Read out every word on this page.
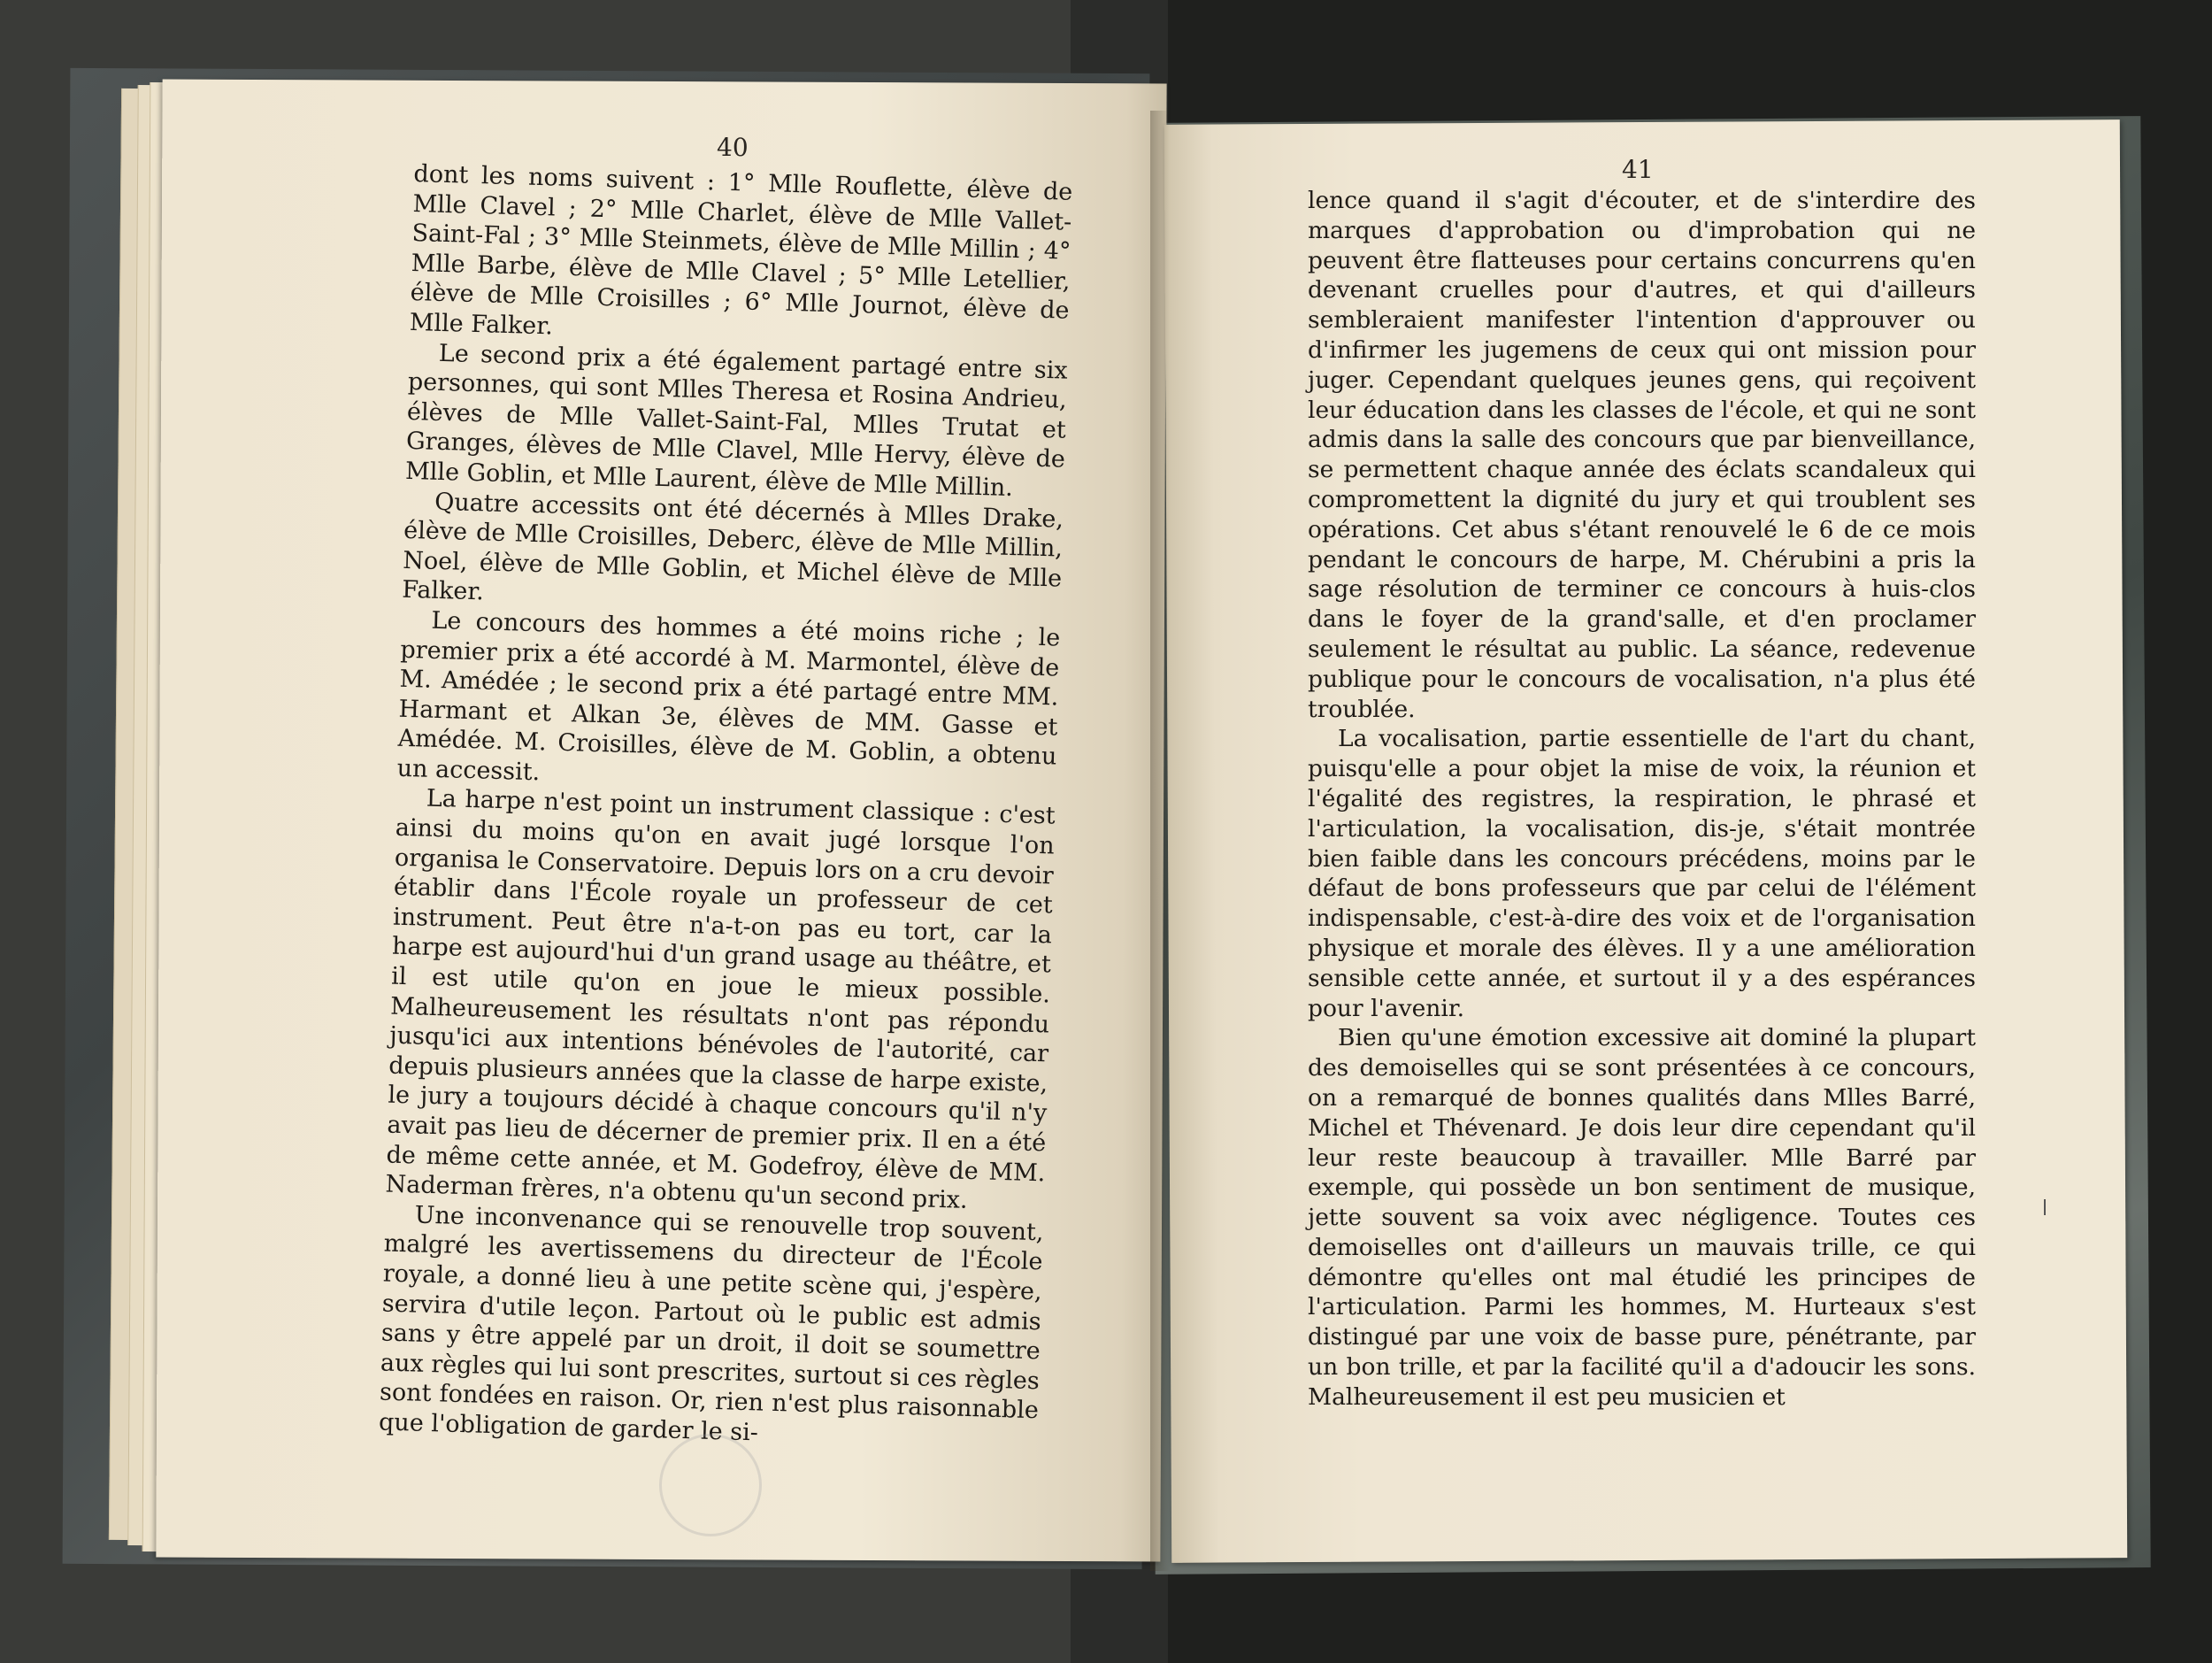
40
41

dont les noms suivent : 1° Mlle Rouflette, élève de Mlle Clavel ; 2° Mlle Charlet, élève de Mlle Vallet-Saint-Fal ; 3° Mlle Steinmets, élève de Mlle Millin ; 4° Mlle Barbe, élève de Mlle Clavel ; 5° Mlle Letellier, élève de Mlle Croisilles ; 6° Mlle Journot, élève de Mlle Falker.

Le second prix a été également partagé entre six personnes, qui sont Mlles Theresa et Rosina Andrieu, élèves de Mlle Vallet-Saint-Fal, Mlles Trutat et Granges, élèves de Mlle Clavel, Mlle Hervy, élève de Mlle Goblin, et Mlle Laurent, élève de Mlle Millin.

Quatre accessits ont été décernés à Mlles Drake, élève de Mlle Croisilles, Deberc, élève de Mlle Millin, Noel, élève de Mlle Goblin, et Michel élève de Mlle Falker.

Le concours des hommes a été moins riche ; le premier prix a été accordé à M. Marmontel, élève de M. Amédée ; le second prix a été partagé entre MM. Harmant et Alkan 3e, élèves de MM. Gasse et Amédée. M. Croisilles, élève de M. Goblin, a obtenu un accessit.

La harpe n'est point un instrument classique : c'est ainsi du moins qu'on en avait jugé lorsque l'on organisa le Conservatoire. Depuis lors on a cru devoir établir dans l'École royale un professeur de cet instrument. Peut être n'a-t-on pas eu tort, car la harpe est aujourd'hui d'un grand usage au théâtre, et il est utile qu'on en joue le mieux possible. Malheureusement les résultats n'ont pas répondu jusqu'ici aux intentions bénévoles de l'autorité, car depuis plusieurs années que la classe de harpe existe, le jury a toujours décidé à chaque concours qu'il n'y avait pas lieu de décerner de premier prix. Il en a été de même cette année, et M. Godefroy, élève de MM. Naderman frères, n'a obtenu qu'un second prix.

Une inconvenance qui se renouvelle trop souvent, malgré les avertissemens du directeur de l'École royale, a donné lieu à une petite scène qui, j'espère, servira d'utile leçon. Partout où le public est admis sans y être appelé par un droit, il doit se soumettre aux règles qui lui sont prescrites, surtout si ces règles sont fondées en raison. Or, rien n'est plus raisonnable que l'obligation de garder le si-

lence quand il s'agit d'écouter, et de s'interdire des marques d'approbation ou d'improbation qui ne peuvent être flatteuses pour certains concurrens qu'en devenant cruelles pour d'autres, et qui d'ailleurs sembleraient manifester l'intention d'approuver ou d'infirmer les jugemens de ceux qui ont mission pour juger. Cependant quelques jeunes gens, qui reçoivent leur éducation dans les classes de l'école, et qui ne sont admis dans la salle des concours que par bienveillance, se permettent chaque année des éclats scandaleux qui compromettent la dignité du jury et qui troublent ses opérations. Cet abus s'étant renouvelé le 6 de ce mois pendant le concours de harpe, M. Chérubini a pris la sage résolution de terminer ce concours à huis-clos dans le foyer de la grand'salle, et d'en proclamer seulement le résultat au public. La séance, redevenue publique pour le concours de vocalisation, n'a plus été troublée.

La vocalisation, partie essentielle de l'art du chant, puisqu'elle a pour objet la mise de voix, la réunion et l'égalité des registres, la respiration, le phrasé et l'articulation, la vocalisation, dis-je, s'était montrée bien faible dans les concours précédens, moins par le défaut de bons professeurs que par celui de l'élément indispensable, c'est-à-dire des voix et de l'organisation physique et morale des élèves. Il y a une amélioration sensible cette année, et surtout il y a des espérances pour l'avenir.

Bien qu'une émotion excessive ait dominé la plupart des demoiselles qui se sont présentées à ce concours, on a remarqué de bonnes qualités dans Mlles Barré, Michel et Thévenard. Je dois leur dire cependant qu'il leur reste beaucoup à travailler. Mlle Barré par exemple, qui possède un bon sentiment de musique, jette souvent sa voix avec négligence. Toutes ces demoiselles ont d'ailleurs un mauvais trille, ce qui démontre qu'elles ont mal étudié les principes de l'articulation. Parmi les hommes, M. Hurteaux s'est distingué par une voix de basse pure, pénétrante, par un bon trille, et par la facilité qu'il a d'adoucir les sons. Malheureusement il est peu musicien et
